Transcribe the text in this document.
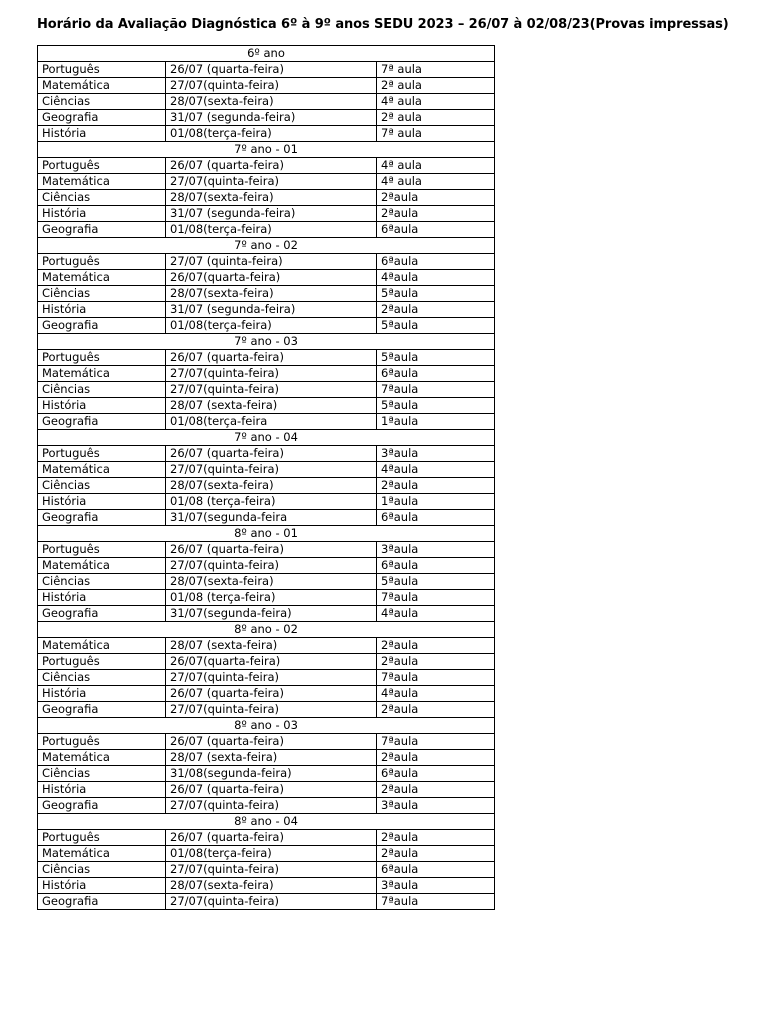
Horário da Avaliação Diagnóstica 6º à 9º anos SEDU 2023 – 26/07 à 02/08/23(Provas impressas)
6º ano		
Português	26/07 (quarta-feira)	7ª aula
Matemática	27/07(quinta-feira)	2ª aula
Ciências	28/07(sexta-feira)	4ª aula
Geografia	31/07 (segunda-feira)	2ª aula
História	01/08(terça-feira)	7ª aula
7º ano - 01		
Português	26/07 (quarta-feira)	4ª aula
Matemática	27/07(quinta-feira)	4ª aula
Ciências	28/07(sexta-feira)	2ªaula
História	31/07 (segunda-feira)	2ªaula
Geografia	01/08(terça-feira)	6ªaula
7º ano - 02		
Português	27/07 (quinta-feira)	6ªaula
Matemática	26/07(quarta-feira)	4ªaula
Ciências	28/07(sexta-feira)	5ªaula
História	31/07 (segunda-feira)	2ªaula
Geografia	01/08(terça-feira)	5ªaula
7º ano - 03		
Português	26/07 (quarta-feira)	5ªaula
Matemática	27/07(quinta-feira)	6ªaula
Ciências	27/07(quinta-feira)	7ªaula
História	28/07 (sexta-feira)	5ªaula
Geografia	01/08(terça-feira	1ªaula
7º ano - 04		
Português	26/07 (quarta-feira)	3ªaula
Matemática	27/07(quinta-feira)	4ªaula
Ciências	28/07(sexta-feira)	2ªaula
História	01/08 (terça-feira)	1ªaula
Geografia	31/07(segunda-feira	6ªaula
8º ano - 01		
Português	26/07 (quarta-feira)	3ªaula
Matemática	27/07(quinta-feira)	6ªaula
Ciências	28/07(sexta-feira)	5ªaula
História	01/08 (terça-feira)	7ªaula
Geografia	31/07(segunda-feira)	4ªaula
8º ano - 02		
Matemática	28/07 (sexta-feira)	2ªaula
Português	26/07(quarta-feira)	2ªaula
Ciências	27/07(quinta-feira)	7ªaula
História	26/07 (quarta-feira)	4ªaula
Geografia	27/07(quinta-feira)	2ªaula
8º ano - 03		
Português	26/07 (quarta-feira)	7ªaula
Matemática	28/07 (sexta-feira)	2ªaula
Ciências	31/08(segunda-feira)	6ªaula
História	26/07 (quarta-feira)	2ªaula
Geografia	27/07(quinta-feira)	3ªaula
8º ano - 04		
Português	26/07 (quarta-feira)	2ªaula
Matemática	01/08(terça-feira)	2ªaula
Ciências	27/07(quinta-feira)	6ªaula
História	28/07(sexta-feira)	3ªaula
Geografia	27/07(quinta-feira)	7ªaula
